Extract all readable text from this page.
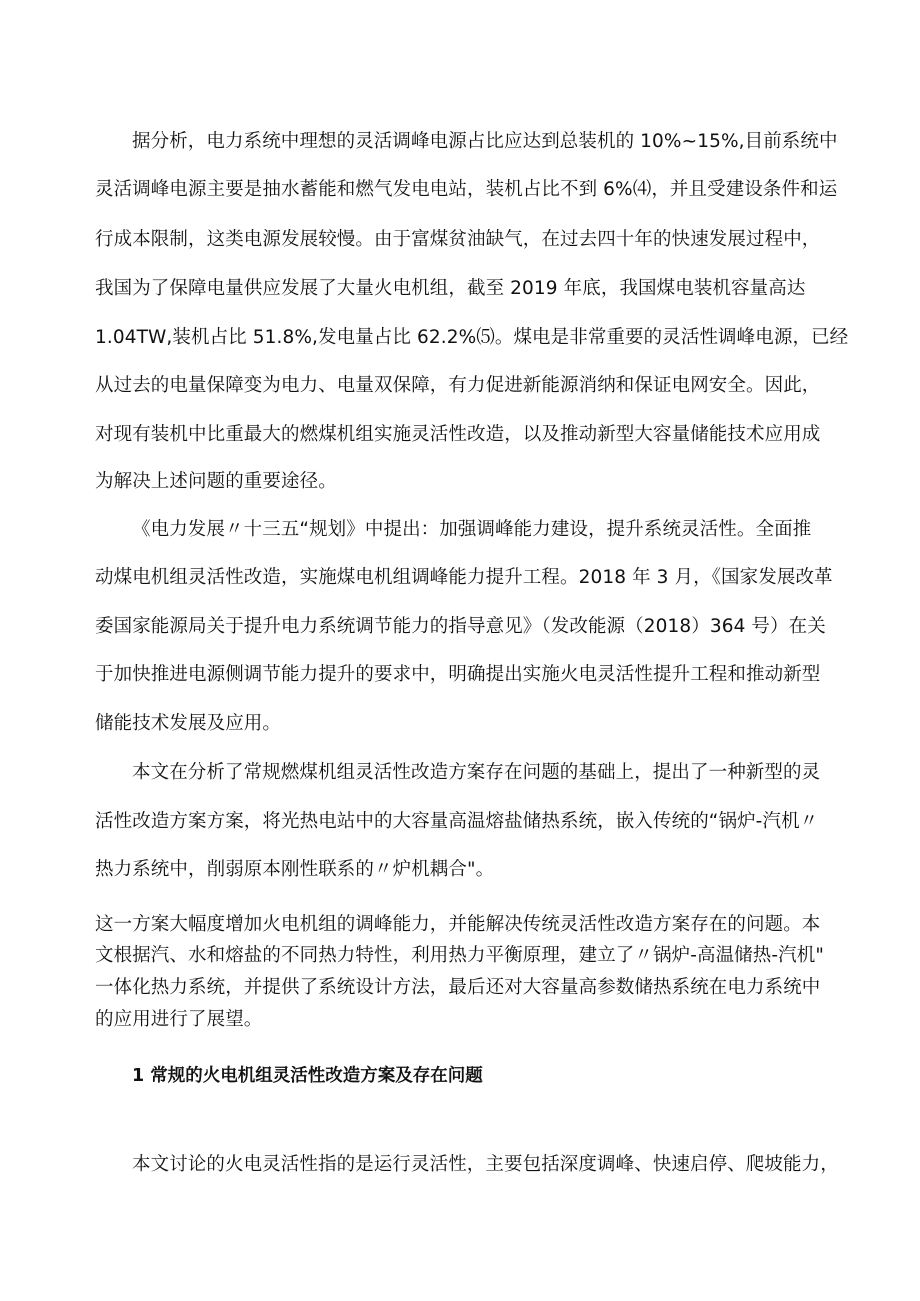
据分析，电力系统中理想的灵活调峰电源占比应达到总装机的 10%~15%,目前系统中
灵活调峰电源主要是抽水蓄能和燃气发电电站，装机占比不到 6%⑷，并且受建设条件和运
行成本限制，这类电源发展较慢。由于富煤贫油缺气，在过去四十年的快速发展过程中，
我国为了保障电量供应发展了大量火电机组，截至 2019 年底，我国煤电装机容量高达
1.04TW,装机占比 51.8%,发电量占比 62.2%⑸。煤电是非常重要的灵活性调峰电源，已经
从过去的电量保障变为电力、电量双保障，有力促进新能源消纳和保证电网安全。因此，
对现有装机中比重最大的燃煤机组实施灵活性改造，以及推动新型大容量储能技术应用成
为解决上述问题的重要途径。
《电力发展〃十三五“规划》中提出：加强调峰能力建设，提升系统灵活性。全面推
动煤电机组灵活性改造，实施煤电机组调峰能力提升工程。2018 年 3 月，《国家发展改革
委国家能源局关于提升电力系统调节能力的指导意见》（发改能源（2018）364 号）在关
于加快推进电源侧调节能力提升的要求中，明确提出实施火电灵活性提升工程和推动新型
储能技术发展及应用。
本文在分析了常规燃煤机组灵活性改造方案存在问题的基础上，提出了一种新型的灵
活性改造方案方案，将光热电站中的大容量高温熔盐储热系统，嵌入传统的“锅炉-汽机〃
热力系统中，削弱原本刚性联系的〃炉机耦合"。
这一方案大幅度增加火电机组的调峰能力，并能解决传统灵活性改造方案存在的问题。本
文根据汽、水和熔盐的不同热力特性，利用热力平衡原理，建立了〃锅炉-高温储热-汽机"
一体化热力系统，并提供了系统设计方法，最后还对大容量高参数储热系统在电力系统中
的应用进行了展望。
1 常规的火电机组灵活性改造方案及存在问题
本文讨论的火电灵活性指的是运行灵活性，主要包括深度调峰、快速启停、爬坡能力，
